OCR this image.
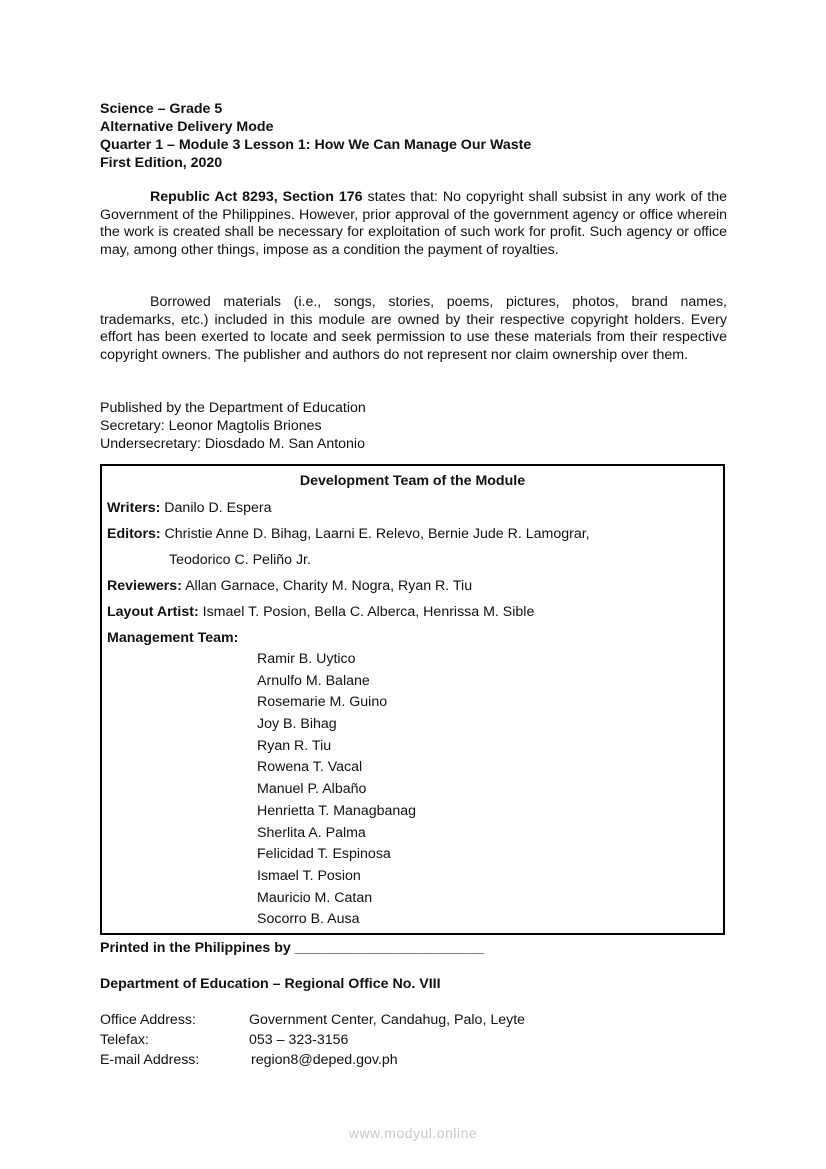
Science – Grade 5
Alternative Delivery Mode
Quarter 1 – Module 3 Lesson 1: How We Can Manage Our Waste
First Edition, 2020
Republic Act 8293, Section 176 states that: No copyright shall subsist in any work of the Government of the Philippines. However, prior approval of the government agency or office wherein the work is created shall be necessary for exploitation of such work for profit. Such agency or office may, among other things, impose as a condition the payment of royalties.
Borrowed materials (i.e., songs, stories, poems, pictures, photos, brand names, trademarks, etc.) included in this module are owned by their respective copyright holders. Every effort has been exerted to locate and seek permission to use these materials from their respective copyright owners. The publisher and authors do not represent nor claim ownership over them.
Published by the Department of Education
Secretary: Leonor Magtolis Briones
Undersecretary: Diosdado M. San Antonio
Development Team of the Module
Writers: Danilo D. Espera
Editors: Christie Anne D. Bihag, Laarni E. Relevo, Bernie Jude R. Lamograr,
Teodorico C. Peliño Jr.
Reviewers: Allan Garnace, Charity M. Nogra, Ryan R. Tiu
Layout Artist: Ismael T. Posion, Bella C. Alberca, Henrissa M. Sible
Management Team:
Ramir B. Uytico
Arnulfo M. Balane
Rosemarie M. Guino
Joy B. Bihag
Ryan R. Tiu
Rowena T. Vacal
Manuel P. Albaño
Henrietta T. Managbanag
Sherlita A. Palma
Felicidad T. Espinosa
Ismael T. Posion
Mauricio M. Catan
Socorro B. Ausa
Printed in the Philippines by ________________________
Department of Education – Regional Office No. VIII
Office Address:	Government Center, Candahug, Palo, Leyte
Telefax:	053 – 323-3156
E-mail Address:	region8@deped.gov.ph
www.modyul.online
